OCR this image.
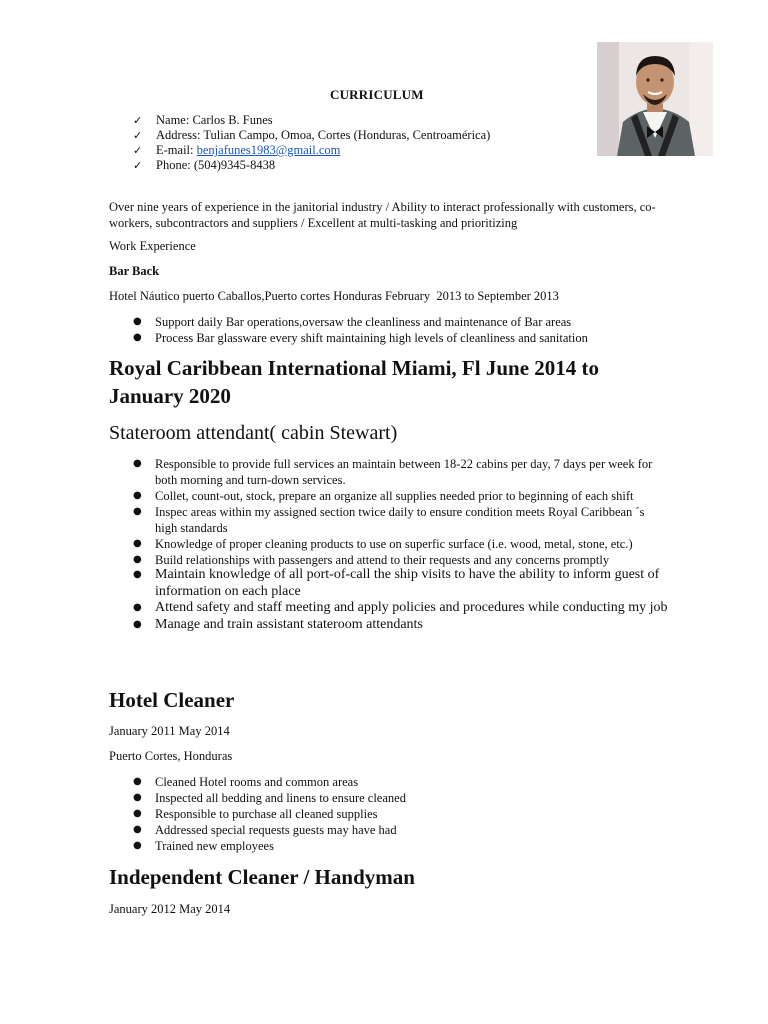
CURRICULUM
✓ Name: Carlos B. Funes
✓ Address: Tulian Campo, Omoa, Cortes (Honduras, Centroamérica)
✓ E-mail: benjafunes1983@gmail.com
✓ Phone: (504)9345-8438
Over nine years of experience in the janitorial industry / Ability to interact professionally with customers, co-workers, subcontractors and suppliers / Excellent at multi-tasking and prioritizing
Work Experience
Bar Back
Hotel Náutico puerto Caballos,Puerto cortes Honduras February  2013 to September 2013
● Support daily Bar operations,oversaw the cleanliness and maintenance of Bar areas
● Process Bar glassware every shift maintaining high levels of cleanliness and sanitation
Royal Caribbean International Miami, Fl June 2014 to January 2020
Stateroom attendant( cabin Stewart)
● Responsible to provide full services an maintain between 18-22 cabins per day, 7 days per week for both morning and turn-down services.
● Collet, count-out, stock, prepare an organize all supplies needed prior to beginning of each shift
● Inspec areas within my assigned section twice daily to ensure condition meets Royal Caribbean ´s high standards
● Knowledge of proper cleaning products to use on superfic surface (i.e. wood, metal, stone, etc.)
● Build relationships with passengers and attend to their requests and any concerns promptly
● Maintain knowledge of all port-of-call the ship visits to have the ability to inform guest of information on each place
● Attend safety and staff meeting and apply policies and procedures while conducting my job
● Manage and train assistant stateroom attendants
Hotel Cleaner
January 2011 May 2014
Puerto Cortes, Honduras
● Cleaned Hotel rooms and common areas
● Inspected all bedding and linens to ensure cleaned
● Responsible to purchase all cleaned supplies
● Addressed special requests guests may have had
● Trained new employees
Independent Cleaner / Handyman
January 2012 May 2014
